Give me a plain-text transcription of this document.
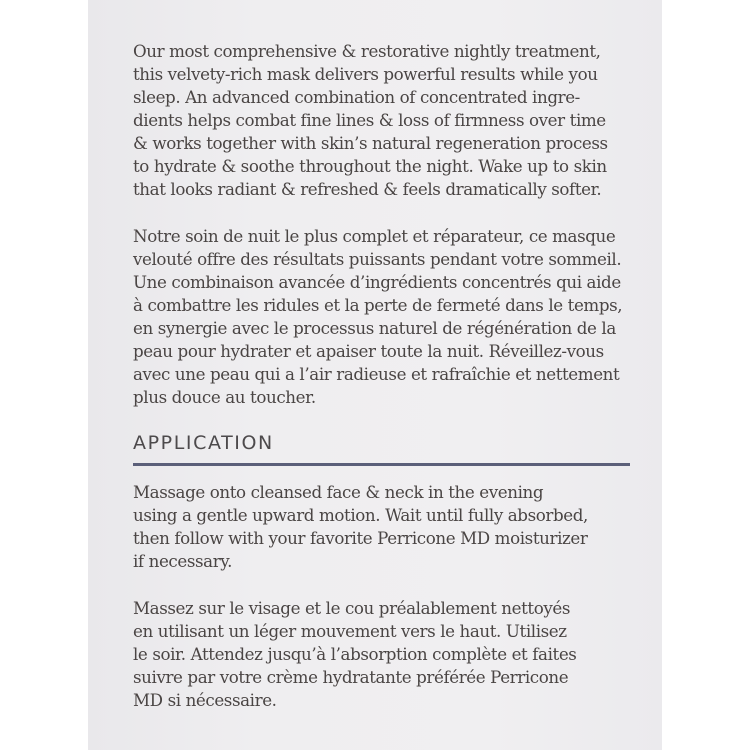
Our most comprehensive & restorative nightly treatment,
this velvety-rich mask delivers powerful results while you
sleep. An advanced combination of concentrated ingre-
dients helps combat fine lines & loss of firmness over time
& works together with skin’s natural regeneration process
to hydrate & soothe throughout the night. Wake up to skin
that looks radiant & refreshed & feels dramatically softer.
Notre soin de nuit le plus complet et réparateur, ce masque
velouté offre des résultats puissants pendant votre sommeil.
Une combinaison avancée d’ingrédients concentrés qui aide
à combattre les ridules et la perte de fermeté dans le temps,
en synergie avec le processus naturel de régénération de la
peau pour hydrater et apaiser toute la nuit. Réveillez-vous
avec une peau qui a l’air radieuse et rafraîchie et nettement
plus douce au toucher.
APPLICATION
Massage onto cleansed face & neck in the evening
using a gentle upward motion. Wait until fully absorbed,
then follow with your favorite Perricone MD moisturizer
if necessary.
Massez sur le visage et le cou préalablement nettoyés
en utilisant un léger mouvement vers le haut. Utilisez
le soir. Attendez jusqu’à l’absorption complète et faites
suivre par votre crème hydratante préférée Perricone
MD si nécessaire.
